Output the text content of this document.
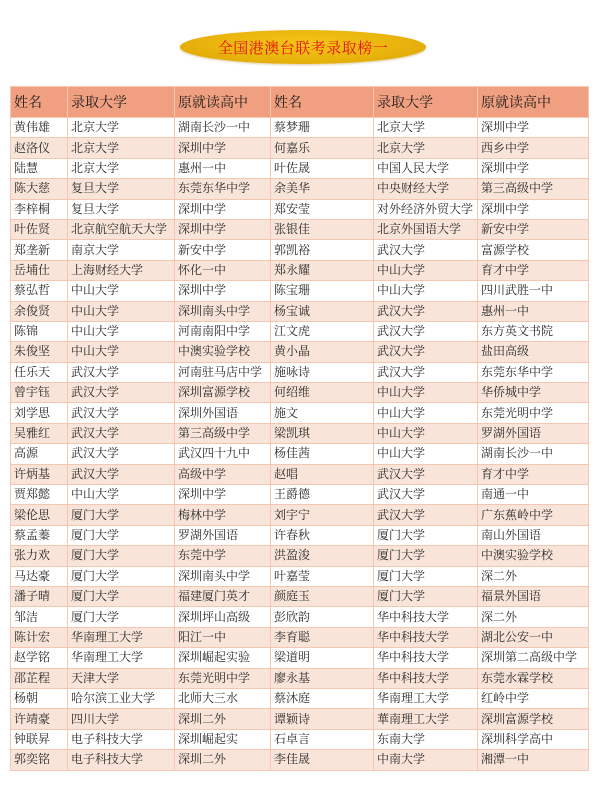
全国港澳台联考录取榜一
姓名	录取大学	原就读高中	姓名	录取大学	原就读高中
黄伟雄	北京大学	湖南长沙一中	蔡梦珊	北京大学	深圳中学
赵洛仪	北京大学	深圳中学	何嘉乐	北京大学	西乡中学
陆慧	北京大学	惠州一中	叶佐晟	中国人民大学	深圳中学
陈大慈	复旦大学	东莞东华中学	余美华	中央财经大学	第三高级中学
李梓桐	复旦大学	深圳中学	郑安莹	对外经济外贸大学	深圳中学
叶佐贤	北京航空航天大学	深圳中学	张银佳	北京外国语大学	新安中学
郑垄新	南京大学	新安中学	郭凯裕	武汉大学	富源学校
岳埔仕	上海财经大学	怀化一中	郑永耀	中山大学	育才中学
蔡弘哲	中山大学	深圳中学	陈宝珊	中山大学	四川武胜一中
余俊贤	中山大学	深圳南头中学	杨宝诚	武汉大学	惠州一中
陈锦	中山大学	河南南阳中学	江文虎	武汉大学	东方英文书院
朱俊坚	中山大学	中澳实验学校	黄小晶	武汉大学	盐田高级
任乐天	武汉大学	河南驻马店中学	施咏诗	武汉大学	东莞东华中学
曾宇钰	武汉大学	深圳富源学校	何绍维	中山大学	华侨城中学
刘学思	武汉大学	深圳外国语	施文	中山大学	东莞光明中学
吴雅红	武汉大学	第三高级中学	梁凯琪	中山大学	罗湖外国语
高源	武汉大学	武汉四十九中	杨佳茜	中山大学	湖南长沙一中
许炳基	武汉大学	高级中学	赵唱	武汉大学	育才中学
贾郑懿	中山大学	深圳中学	王爵德	武汉大学	南通一中
梁伦思	厦门大学	梅林中学	刘宇宁	武汉大学	广东蕉岭中学
蔡孟蓁	厦门大学	罗湖外国语	许春秋	厦门大学	南山外国语
张力欢	厦门大学	东莞中学	洪盈浚	厦门大学	中澳实验学校
马达豪	厦门大学	深圳南头中学	叶嘉莹	厦门大学	深二外
潘子晴	厦门大学	福建厦门英才	颜庭玉	厦门大学	福景外国语
邹洁	厦门大学	深圳坪山高级	彭欣韵	华中科技大学	深二外
陈计宏	华南理工大学	阳江一中	李育聪	华中科技大学	湖北公安一中
赵学铭	华南理工大学	深圳崛起实验	梁道明	华中科技大学	深圳第二高级中学
邵芷程	天津大学	东莞光明中学	廖永基	华中科技大学	东莞水霖学校
杨朝	哈尔滨工业大学	北师大三水	蔡沐庭	华南理工大学	红岭中学
许靖豪	四川大学	深圳二外	谭颖诗	華南理工大学	深圳富源学校
钟联昇	电子科技大学	深圳崛起实	石卓言	东南大学	深圳科学高中
郭奕铭	电子科技大学	深圳二外	李佳晟	中南大学	湘潭一中
